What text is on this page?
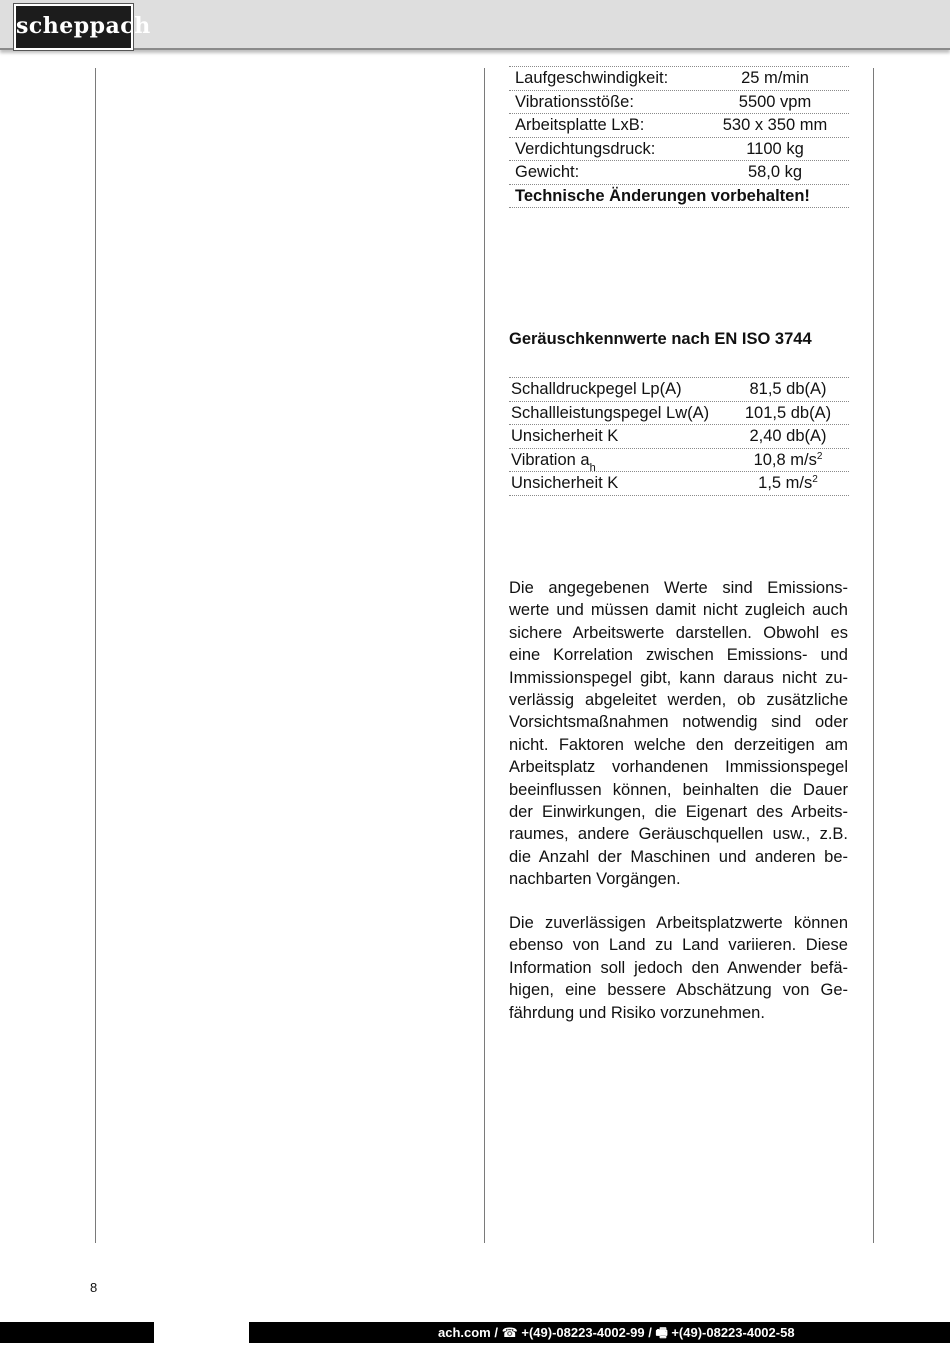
scheppach
Laufgeschwindigkeit:	25 m/min
Vibrationsstöße:	5500 vpm
Arbeitsplatte LxB:	530 x 350 mm
Verdichtungsdruck:	1100 kg
Gewicht:	58,0 kg
Technische Änderungen vorbehalten!
Geräuschkennwerte nach EN ISO 3744
Schalldruckpegel Lp(A)	81,5 db(A)
Schallleistungspegel Lw(A)	101,5 db(A)
Unsicherheit K	2,40 db(A)
Vibration $a_h$	10,8 $m/s^2$
Unsicherheit K	1,5 $m/s^2$

Die angegebenen Werte sind Emissions-werte und müssen damit nicht zugleich auch sichere Arbeitswerte darstellen. Obwohl es eine Korrelation zwischen Emissions- und Immissionspegel gibt, kann daraus nicht zu-verlässig abgeleitet werden, ob zusätzliche Vorsichtsmaßnahmen notwendig sind oder nicht. Faktoren welche den derzeitigen am Arbeitsplatz vorhandenen Immissionspegel beeinflussen können, beinhalten die Dauer der Einwirkungen, die Eigenart des Arbeits-raumes, andere Geräuschquellen usw., z.B. die Anzahl der Maschinen und anderen be-nachbarten Vorgängen.

Die zuverlässigen Arbeitsplatzwerte können ebenso von Land zu Land variieren. Diese Information soll jedoch den Anwender befä-higen, eine bessere Abschätzung von Ge-fährdung und Risiko vorzunehmen.

8
ach.com / ☎ +(49)-08223-4002-99 / 🖷 +(49)-08223-4002-58
